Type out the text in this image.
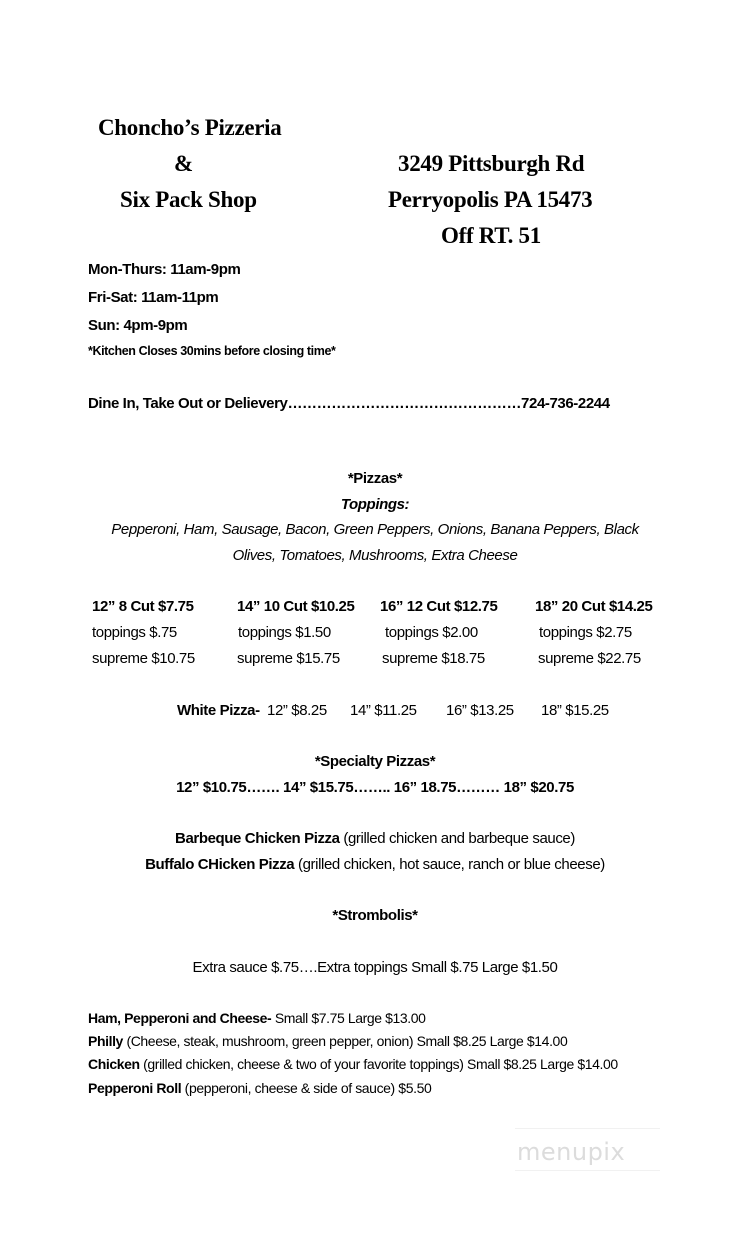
Choncho’s Pizzeria
&
Six Pack Shop
3249 Pittsburgh Rd
Perryopolis PA 15473
Off RT. 51
Mon-Thurs: 11am-9pm
Fri-Sat: 11am-11pm
Sun: 4pm-9pm
*Kitchen Closes 30mins before closing time*
Dine In, Take Out or Delievery…………………………………………724-736-2244
*Pizzas*
Toppings:
Pepperoni, Ham, Sausage, Bacon, Green Peppers, Onions, Banana Peppers, Black
Olives, Tomatoes, Mushrooms, Extra Cheese
12” 8 Cut $7.75
toppings $.75
supreme $10.75
14” 10 Cut $10.25
toppings $1.50
supreme $15.75
16” 12 Cut $12.75
toppings $2.00
supreme $18.75
18” 20 Cut $14.25
toppings $2.75
supreme $22.75
White Pizza- 12” $8.25 14” $11.25 16” $13.25 18” $15.25
*Specialty Pizzas*
12” $10.75……. 14” $15.75…….. 16” 18.75……… 18” $20.75
Barbeque Chicken Pizza (grilled chicken and barbeque sauce)
Buffalo CHicken Pizza (grilled chicken, hot sauce, ranch or blue cheese)
*Strombolis*
Extra sauce $.75….Extra toppings Small $.75 Large $1.50
Ham, Pepperoni and Cheese- Small $7.75 Large $13.00
Philly (Cheese, steak, mushroom, green pepper, onion) Small $8.25 Large $14.00
Chicken (grilled chicken, cheese & two of your favorite toppings) Small $8.25 Large $14.00
Pepperoni Roll (pepperoni, cheese & side of sauce) $5.50
menupix
